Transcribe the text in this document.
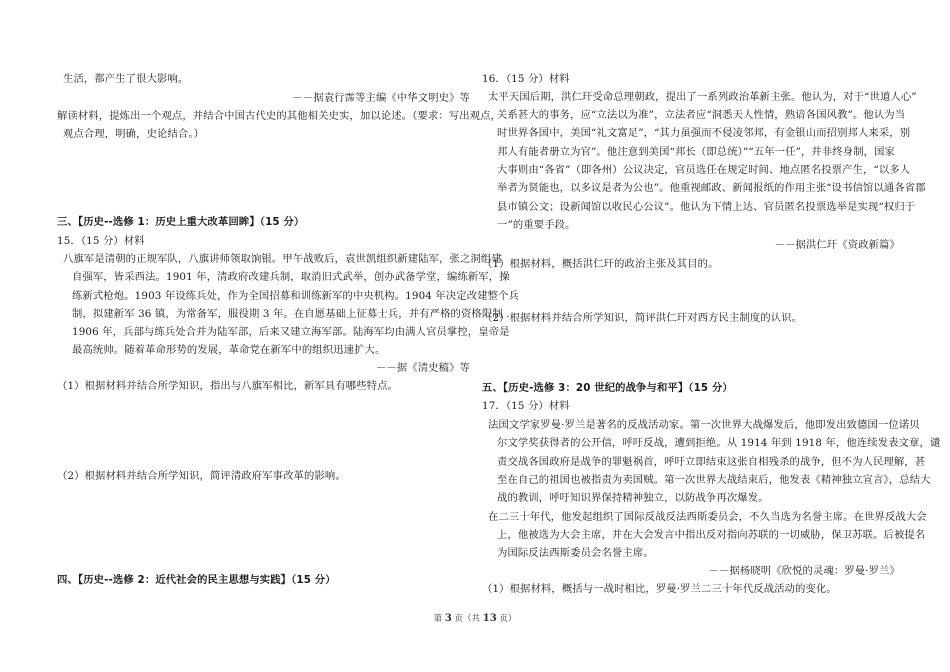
生活，都产生了很大影响。
－－据袁行霈等主编《中华文明史》等
解读材料，提炼出一个观点，并结合中国古代史的其他相关史实，加以论述。（要求：写出观点，
观点合理，明确，史论结合。）
三、【历史--选修 1：历史上重大改革回眸】（15 分）
15．（15 分）材料
八旗军是清朝的正规军队，八旗讲师领取饷银。甲午战败后，袁世凯组织新建陆军，张之洞组建
自强军，皆采西法。1901 年，清政府改建兵制，取消旧式武举，创办武备学堂，编练新军，操
练新式枪炮。1903 年设练兵处，作为全国招募和训练新军的中央机构。1904 年决定改建整个兵
制，拟建新军 36 镇，为常备军，服役期 3 年。在自愿基础上征募士兵，并有严格的资格限制 .
1906 年，兵部与练兵处合并为陆军部，后来又建立海军部。陆海军均由满人官员掌控，皇帝是
最高统帅。随着革命形势的发展，革命党在新军中的组织迅速扩大。
－－据《清史稿》等
（1）根据材料并结合所学知识，指出与八旗军相比，新军具有哪些特点。
（2）根据材料并结合所学知识，简评清政府军事改革的影响。
四、【历史--选修 2：近代社会的民主思想与实践】（15 分）
16．（15 分）材料
太平天国后期，洪仁玕受命总理朝政，提出了一系列政治革新主张。他认为，对于“世道人心”
关系甚大的事务，应“立法以为准”，立法者应“洞悉天人性情，熟谙各国风教”。他认为当
时世界各国中，美国“礼文富足”，“其力虽强而不侵凌邻邦，有金银山而招别邦人来采，别
邦人有能者册立为官”。他注意到美国“邦长（即总统）”“五年一任”，并非终身制，国家
大事则由“各省”（即各州）公议决定，官员选任在规定时间、地点匿名投票产生，“以多人
举者为贤能也，以多议是者为公也”。他重视邮政、新闻报纸的作用主张“设书信馆以通各省郡
县市镇公文；设新闻馆以收民心公议”。他认为下情上达、官员匿名投票选举是实现“权归于
一”的重要手段。
－－据洪仁玕《资政新篇》
（1）根据材料，概括洪仁玕的政治主张及其目的。
（2）根据材料并结合所学知识，简评洪仁玕对西方民主制度的认识。
五、【历史-选修 3：20 世纪的战争与和平】（15 分）
17．（15 分）材料
法国文学家罗曼·罗兰是著名的反战活动家。第一次世界大战爆发后，他即发出致德国一位诺贝
尔文学奖获得者的公开信，呼吁反战，遭到拒绝。从 1914 年到 1918 年，他连续发表文章，谴
责交战各国政府是战争的罪魁祸首，呼吁立即结束这张自相残杀的战争，但不为人民理解，甚
至在自己的祖国也被指责为卖国贼。第一次世界大战结束后，他发表《精神独立宣言》，总结大
战的教训，呼吁知识界保持精神独立，以防战争再次爆发。
在二三十年代，他发起组织了国际反战反法西斯委员会，不久当选为名誉主席。在世界反战大会
上，他被选为大会主席，并在大会发言中指出反对指向苏联的一切威胁，保卫苏联。后被提名
为国际反法西斯委员会名誉主席。
－－据杨晓明《欣悦的灵魂：罗曼·罗兰》
（1）根据材料，概括与一战时相比，罗曼·罗兰二三十年代反战活动的变化。
第 3 页（共 13 页）
